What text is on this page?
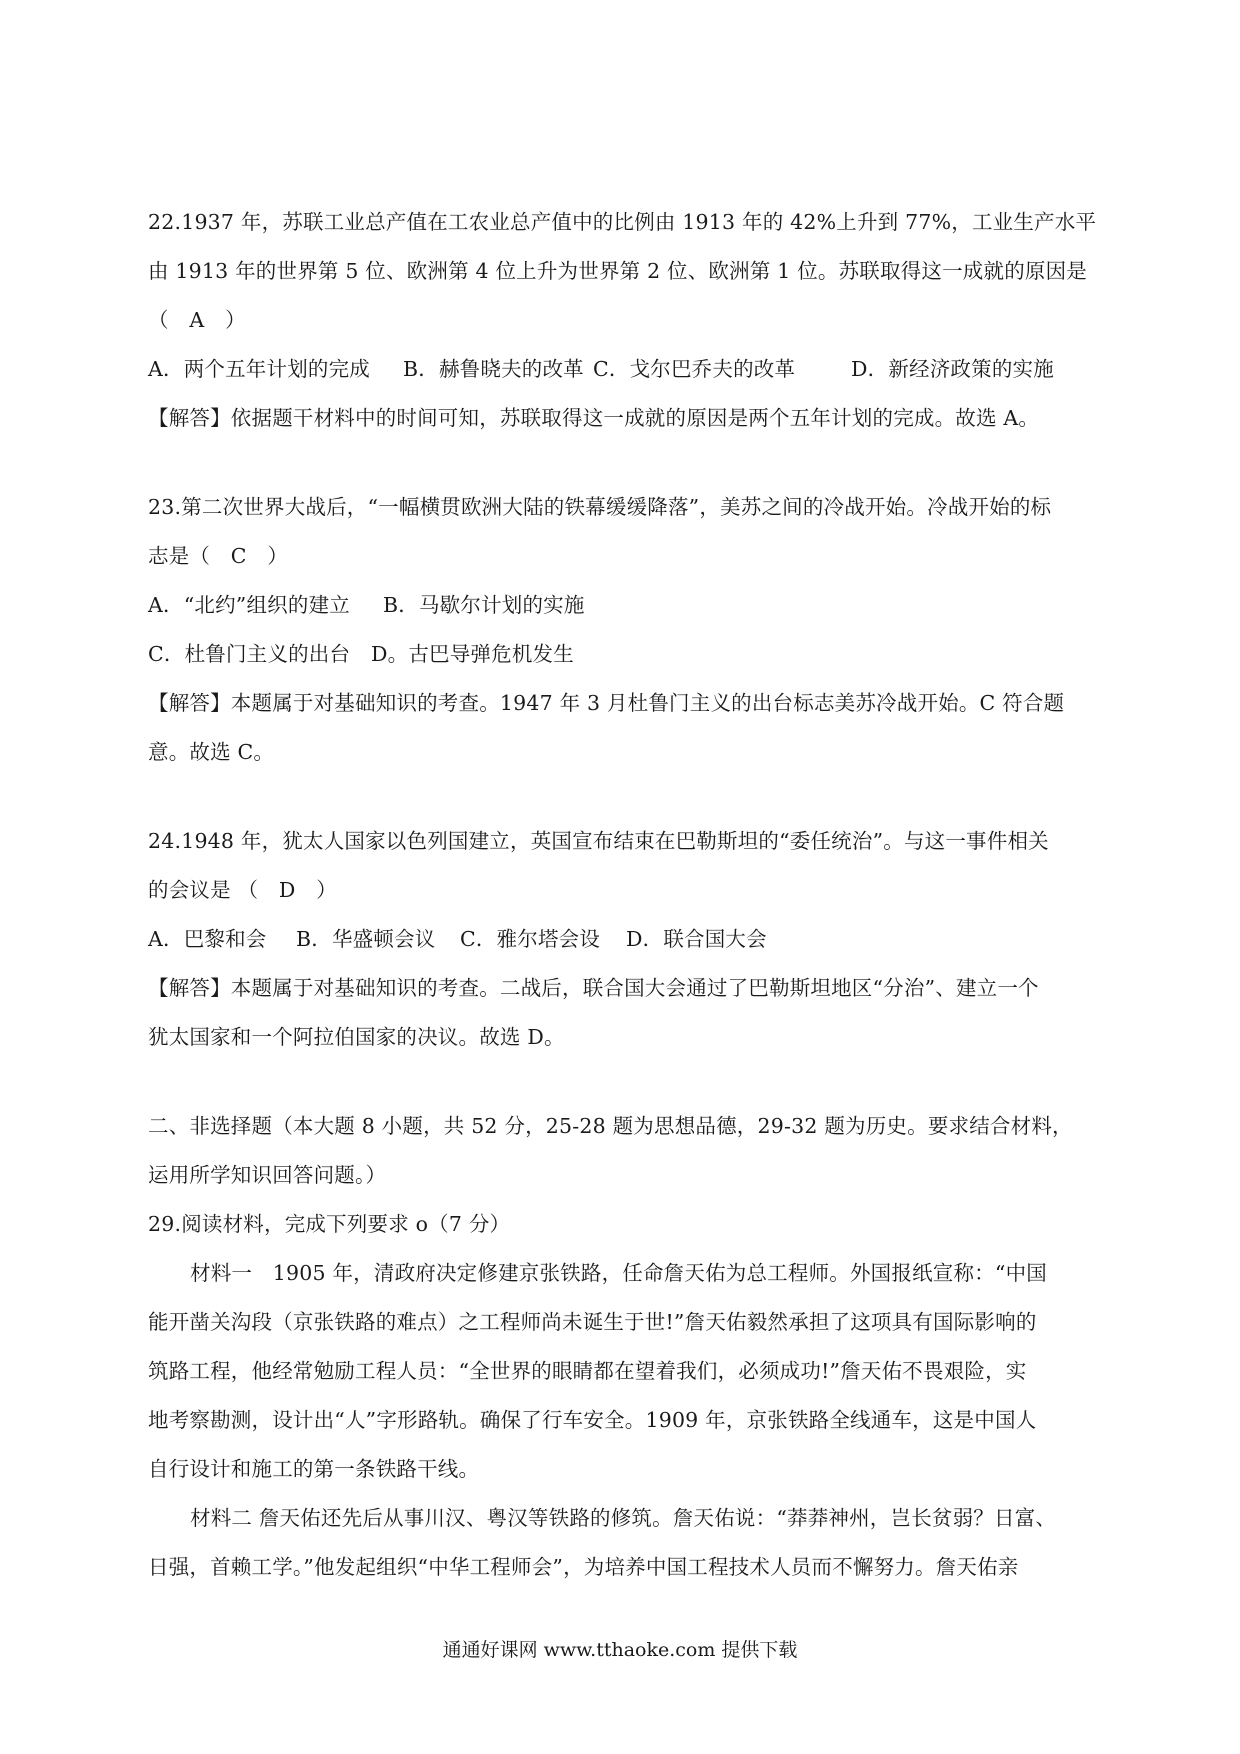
22.1937 年，苏联工业总产值在工农业总产值中的比例由 1913 年的 42%上升到 77%，工业生产水平
由 1913 年的世界第 5 位、欧洲第 4 位上升为世界第 2 位、欧洲第 1 位。苏联取得这一成就的原因是
（　A　）
A．两个五年计划的完成 B．赫鲁晓夫的改革 C．戈尔巴乔夫的改革	D．新经济政策的实施
【解答】依据题干材料中的时间可知，苏联取得这一成就的原因是两个五年计划的完成。故选 A。
23.第二次世界大战后，“一幅横贯欧洲大陆的铁幕缓缓降落”，美苏之间的冷战开始。冷战开始的标
志是（　C　）
A．“北约”组织的建立 B．马歇尔计划的实施
C．杜鲁门主义的出台 D。古巴导弹危机发生
【解答】本题属于对基础知识的考查。1947 年 3 月杜鲁门主义的出台标志美苏冷战开始。C 符合题
意。故选 C。
24.1948 年，犹太人国家以色列国建立，英国宣布结束在巴勒斯坦的“委任统治”。与这一事件相关
的会议是 （　D　）
A．巴黎和会 B．华盛顿会议 C．雅尔塔会设 D．联合国大会
【解答】本题属于对基础知识的考查。二战后，联合国大会通过了巴勒斯坦地区“分治”、建立一个
犹太国家和一个阿拉伯国家的决议。故选 D。
二、非选择题（本大题 8 小题，共 52 分，25-28 题为思想品德，29-32 题为历史。要求结合材料，
运用所学知识回答问题。）
29.阅读材料，完成下列要求 o（7 分）
材料一　1905 年，清政府决定修建京张铁路，任命詹天佑为总工程师。外国报纸宣称：“中国
能开凿关沟段（京张铁路的难点）之工程师尚未诞生于世!”詹天佑毅然承担了这项具有国际影响的
筑路工程，他经常勉励工程人员：“全世界的眼睛都在望着我们，必须成功!”詹天佑不畏艰险，实
地考察勘测，设计出“人”字形路轨。确保了行车安全。1909 年，京张铁路全线通车，这是中国人
自行设计和施工的第一条铁路干线。
材料二 詹天佑还先后从事川汉、粤汉等铁路的修筑。詹天佑说：“莽莽神州，岂长贫弱？日富、
日强，首赖工学。”他发起组织“中华工程师会”，为培养中国工程技术人员而不懈努力。詹天佑亲
通通好课网 www.tthaoke.com 提供下载
